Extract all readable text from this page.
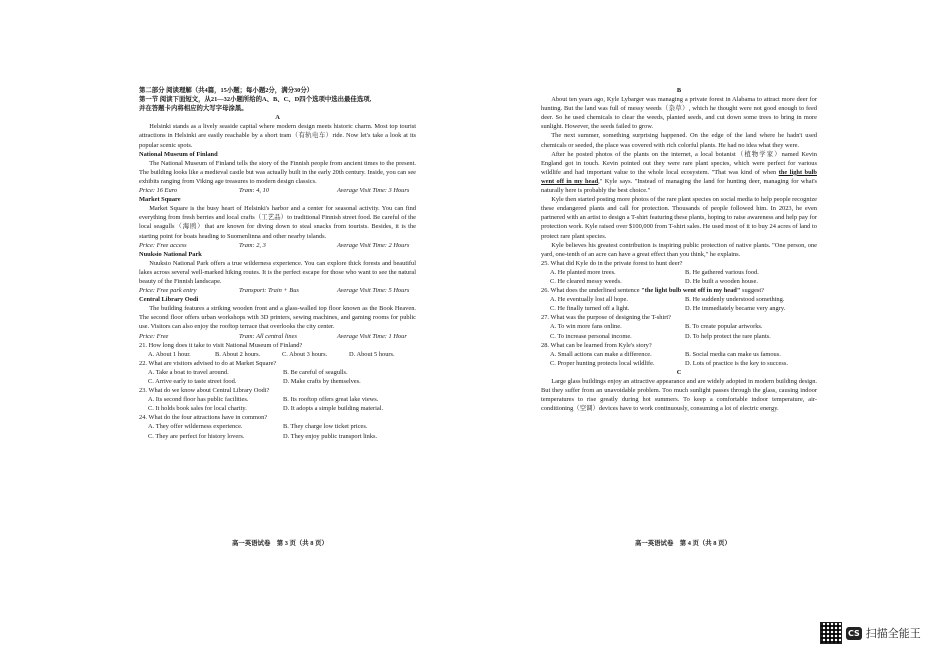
第二部分 阅读理解（共4篇，15小题；每小题2分，满分30分）

第一节 阅读下面短文，从21—32小题所给的A、B、C、D四个选项中选出最佳选项,

并在答题卡内将相应的大写字母涂黑。

A

Helsinki stands as a lively seaside capital where modern design meets historic charm. Most top tourist attractions in Helsinki are easily reachable by a short tram（有轨电车）ride. Now let's take a look at its popular scenic spots.

National Museum of Finland

The National Museum of Finland tells the story of the Finnish people from ancient times to the present. The building looks like a medieval castle but was actually built in the early 20th century. Inside, you can see exhibits ranging from Viking age treasures to modern design classics.

Price: 16 Euro	Tram: 4, 10	Average Visit Time: 3 Hours

Market Square

Market Square is the busy heart of Helsinki's harbor and a center for seasonal activity. You can find everything from fresh berries and local crafts（工艺品）to traditional Finnish street food. Be careful of the local seagulls（海鸥）that are known for diving down to steal snacks from tourists. Besides, it is the starting point for boats heading to Suomenlinna and other nearby islands.

Price: Free access	Tram: 2, 3	Average Visit Time: 2 Hours

Nuuksio National Park

Nuuksio National Park offers a true wilderness experience. You can explore thick forests and beautiful lakes across several well-marked hiking routes. It is the perfect escape for those who want to see the natural beauty of the Finnish landscape.

Price: Free park entry	Transport: Train + Bus	Average Visit Time: 5 Hours

Central Library Oodi

The building features a striking wooden front and a glass-walled top floor known as the Book Heaven. The second floor offers urban workshops with 3D printers, sewing machines, and gaming rooms for public use. Visitors can also enjoy the rooftop terrace that overlooks the city center.

Price: Free	Tram: All central lines	Average Visit Time: 1 Hour

21. How long does it take to visit National Museum of Finland?

A. About 1 hour.	B. About 2 hours.	C. About 3 hours.	D. About 5 hours.

22. What are visitors advised to do at Market Square?

A. Take a boat to travel around.	B. Be careful of seagulls.
C. Arrive early to taste street food.	D. Make crafts by themselves.

23. What do we know about Central Library Oodi?

A. Its second floor has public facilities.	B. Its rooftop offers great lake views.
C. It holds book sales for local charity.	D. It adopts a simple building material.

24. What do the four attractions have in common?

A. They offer wilderness experience.	B. They charge low ticket prices.
C. They are perfect for history lovers.	D. They enjoy public transport links.

B

About ten years ago, Kyle Lybarger was managing a private forest in Alabama to attract more deer for hunting. But the land was full of messy weeds（杂草）, which he thought were not good enough to feed deer. So he used chemicals to clear the weeds, planted seeds, and cut down some trees to bring in more sunlight. However, the seeds failed to grow.

The next summer, something surprising happened. On the edge of the land where he hadn't used chemicals or seeded, the place was covered with rich colorful plants. He had no idea what they were.

After he posted photos of the plants on the internet, a local botanist（植物学家）named Kevin England got in touch. Kevin pointed out they were rare plant species, which were perfect for various wildlife and had important value to the whole local ecosystem. "That was kind of when the light bulb went off in my head," Kyle says. "Instead of managing the land for hunting deer, managing for what's naturally here is probably the best choice."

Kyle then started posting more photos of the rare plant species on social media to help people recognize these endangered plants and call for protection. Thousands of people followed him. In 2023, he even partnered with an artist to design a T-shirt featuring these plants, hoping to raise awareness and help pay for protection work. Kyle raised over $100,000 from T-shirt sales. He used most of it to buy 24 acres of land to protect rare plant species.

Kyle believes his greatest contribution is inspiring public protection of native plants. "One person, one yard, one-tenth of an acre can have a great effect than you think," he explains.

25. What did Kyle do in the private forest to hunt deer?

A. He planted more trees.	B. He gathered various food.
C. He cleared messy weeds.	D. He built a wooden house.

26. What does the underlined sentence "the light bulb went off in my head" suggest?

A. He eventually lost all hope.	B. He suddenly understood something.
C. He finally turned off a light.	D. He immediately became very angry.

27. What was the purpose of designing the T-shirt?

A. To win more fans online.	B. To create popular artworks.
C. To increase personal income.	D. To help protect the rare plants.

28. What can be learned from Kyle's story?

A. Small actions can make a difference.	B. Social media can make us famous.
C. Proper hunting protects local wildlife.	D. Lots of practice is the key to success.

C

Large glass buildings enjoy an attractive appearance and are widely adopted in modern building design. But they suffer from an unavoidable problem. Too much sunlight passes through the glass, causing indoor temperatures to rise greatly during hot summers. To keep a comfortable indoor temperature, air-conditioning（空调）devices have to work continuously, consuming a lot of electric energy.

高一英语试卷　第 3 页（共 8 页）	高一英语试卷　第 4 页（共 8 页）
CS 扫描全能王
